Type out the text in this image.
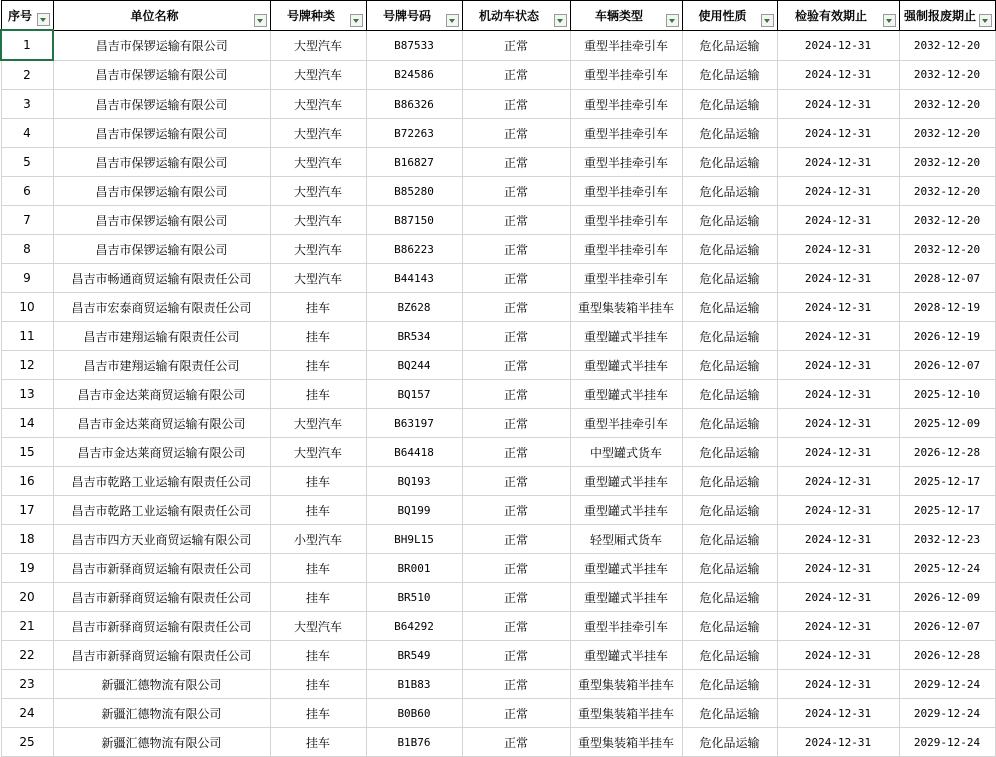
序号	单位名称	号牌种类	号牌号码	机动车状态	车辆类型	使用性质	检验有效期止	强制报废期止

1	昌吉市保锣运输有限公司	大型汽车	B87533	正常	重型半挂牵引车	危化品运输	2024-12-31	2032-12-20
2	昌吉市保锣运输有限公司	大型汽车	B24586	正常	重型半挂牵引车	危化品运输	2024-12-31	2032-12-20
3	昌吉市保锣运输有限公司	大型汽车	B86326	正常	重型半挂牵引车	危化品运输	2024-12-31	2032-12-20
4	昌吉市保锣运输有限公司	大型汽车	B72263	正常	重型半挂牵引车	危化品运输	2024-12-31	2032-12-20
5	昌吉市保锣运输有限公司	大型汽车	B16827	正常	重型半挂牵引车	危化品运输	2024-12-31	2032-12-20
6	昌吉市保锣运输有限公司	大型汽车	B85280	正常	重型半挂牵引车	危化品运输	2024-12-31	2032-12-20
7	昌吉市保锣运输有限公司	大型汽车	B87150	正常	重型半挂牵引车	危化品运输	2024-12-31	2032-12-20
8	昌吉市保锣运输有限公司	大型汽车	B86223	正常	重型半挂牵引车	危化品运输	2024-12-31	2032-12-20
9	昌吉市畅通商贸运输有限责任公司	大型汽车	B44143	正常	重型半挂牵引车	危化品运输	2024-12-31	2028-12-07
10	昌吉市宏泰商贸运输有限责任公司	挂车	BZ628	正常	重型集装箱半挂车	危化品运输	2024-12-31	2028-12-19
11	昌吉市建翔运输有限责任公司	挂车	BR534	正常	重型罐式半挂车	危化品运输	2024-12-31	2026-12-19
12	昌吉市建翔运输有限责任公司	挂车	BQ244	正常	重型罐式半挂车	危化品运输	2024-12-31	2026-12-07
13	昌吉市金达莱商贸运输有限公司	挂车	BQ157	正常	重型罐式半挂车	危化品运输	2024-12-31	2025-12-10
14	昌吉市金达莱商贸运输有限公司	大型汽车	B63197	正常	重型半挂牵引车	危化品运输	2024-12-31	2025-12-09
15	昌吉市金达莱商贸运输有限公司	大型汽车	B64418	正常	中型罐式货车	危化品运输	2024-12-31	2026-12-28
16	昌吉市乾路工业运输有限责任公司	挂车	BQ193	正常	重型罐式半挂车	危化品运输	2024-12-31	2025-12-17
17	昌吉市乾路工业运输有限责任公司	挂车	BQ199	正常	重型罐式半挂车	危化品运输	2024-12-31	2025-12-17
18	昌吉市四方天业商贸运输有限公司	小型汽车	BH9L15	正常	轻型厢式货车	危化品运输	2024-12-31	2032-12-23
19	昌吉市新驿商贸运输有限责任公司	挂车	BR001	正常	重型罐式半挂车	危化品运输	2024-12-31	2025-12-24
20	昌吉市新驿商贸运输有限责任公司	挂车	BR510	正常	重型罐式半挂车	危化品运输	2024-12-31	2026-12-09
21	昌吉市新驿商贸运输有限责任公司	大型汽车	B64292	正常	重型半挂牵引车	危化品运输	2024-12-31	2026-12-07
22	昌吉市新驿商贸运输有限责任公司	挂车	BR549	正常	重型罐式半挂车	危化品运输	2024-12-31	2026-12-28
23	新疆汇德物流有限公司	挂车	B1B83	正常	重型集装箱半挂车	危化品运输	2024-12-31	2029-12-24
24	新疆汇德物流有限公司	挂车	B0B60	正常	重型集装箱半挂车	危化品运输	2024-12-31	2029-12-24
25	新疆汇德物流有限公司	挂车	B1B76	正常	重型集装箱半挂车	危化品运输	2024-12-31	2029-12-24
